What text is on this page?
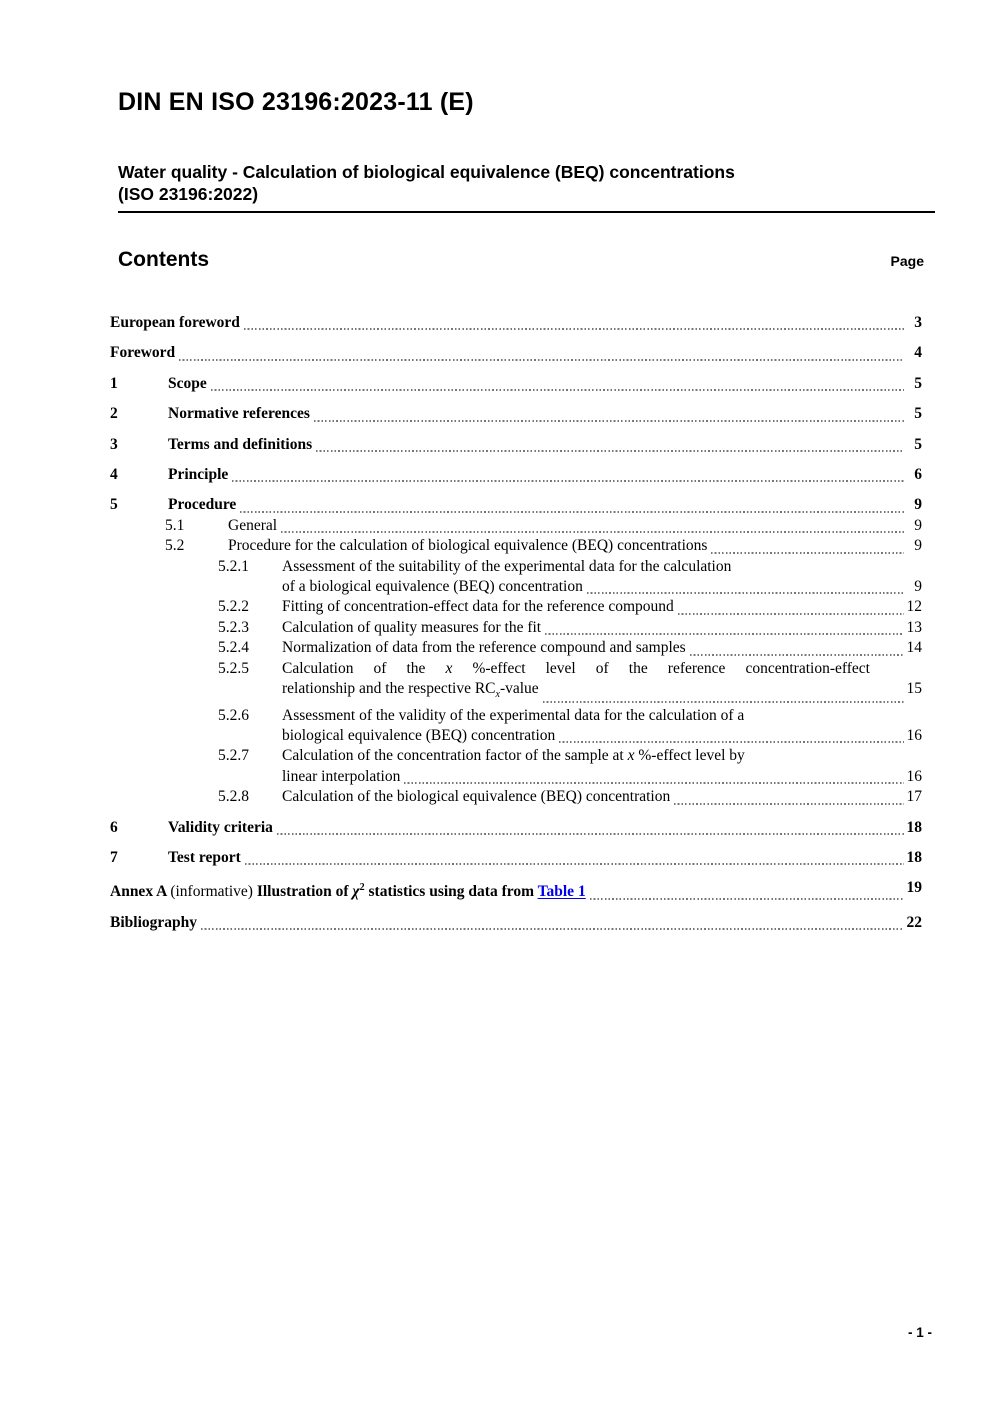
DIN EN ISO 23196:2023-11 (E)
Water quality - Calculation of biological equivalence (BEQ) concentrations
(ISO 23196:2022)
Contents	Page
European foreword	3
Foreword	4
1	Scope	5
2	Normative references	5
3	Terms and definitions	5
4	Principle	6
5	Procedure	9
5.1	General	9
5.2	Procedure for the calculation of biological equivalence (BEQ) concentrations	9
5.2.1	Assessment of the suitability of the experimental data for the calculation
of a biological equivalence (BEQ) concentration	9
5.2.2	Fitting of concentration-effect data for the reference compound	12
5.2.3	Calculation of quality measures for the fit	13
5.2.4	Normalization of data from the reference compound and samples	14
5.2.5	Calculation of the x %-effect level of the reference concentration-effect
relationship and the respective $RC_x$-value	15
5.2.6	Assessment of the validity of the experimental data for the calculation of a
biological equivalence (BEQ) concentration	16
5.2.7	Calculation of the concentration factor of the sample at x %-effect level by
linear interpolation	16
5.2.8	Calculation of the biological equivalence (BEQ) concentration	17
6	Validity criteria	18
7	Test report	18
Annex A (informative) Illustration of $\chi^2$ statistics using data from Table 1	19
Bibliography	22
- 1 -
